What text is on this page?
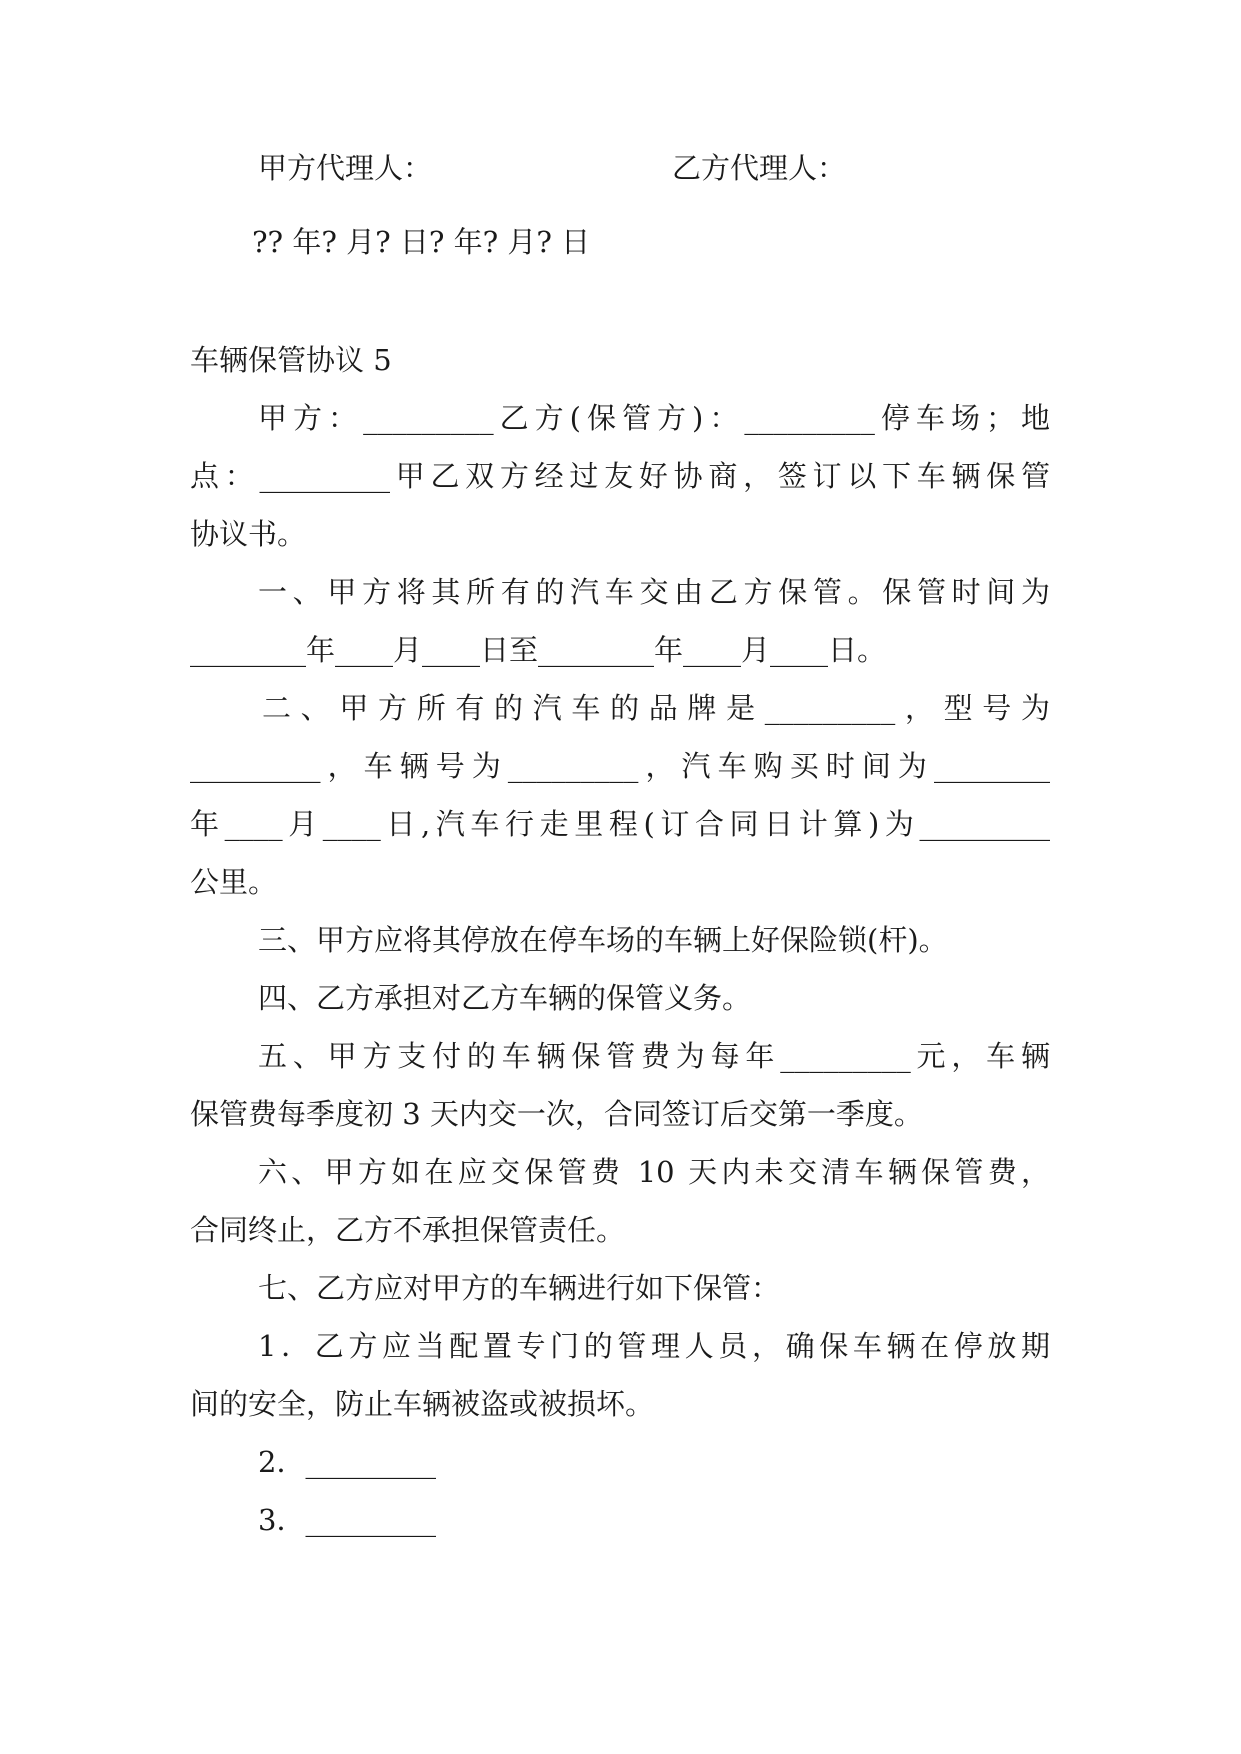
甲方代理人：	乙方代理人：
?? 年? 月? 日? 年? 月? 日
车辆保管协议 5
甲方：_________乙方(保管方)：_________停车场；地
点：_________甲乙双方经过友好协商，签订以下车辆保管
协议书。
一、甲方将其所有的汽车交由乙方保管。保管时间为
________年____月____日至________年____月____日。
二、甲方所有的汽车的品牌是_________，型号为
_________，车辆号为_________，汽车购买时间为________
年____月____日,汽车行走里程(订合同日计算)为_________
公里。
三、甲方应将其停放在停车场的车辆上好保险锁(杆)。
四、乙方承担对乙方车辆的保管义务。
五、甲方支付的车辆保管费为每年_________元，车辆
保管费每季度初 3 天内交一次，合同签订后交第一季度。
六、甲方如在应交保管费 10 天内未交清车辆保管费，
合同终止，乙方不承担保管责任。
七、乙方应对甲方的车辆进行如下保管：
1．乙方应当配置专门的管理人员，确保车辆在停放期
间的安全，防止车辆被盗或被损坏。
2．_________
3．_________
